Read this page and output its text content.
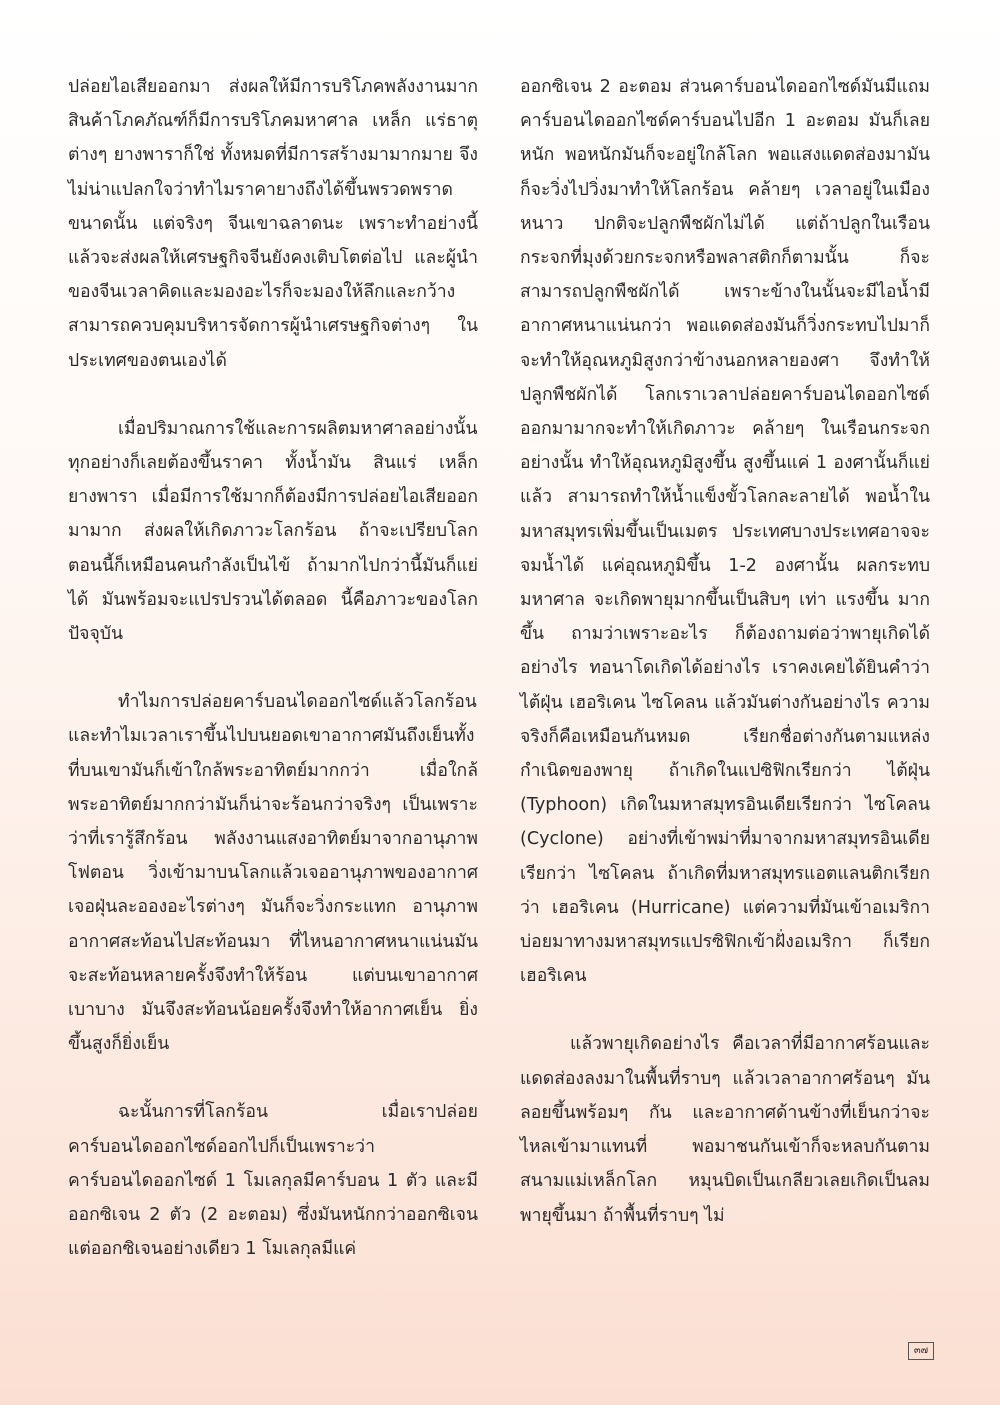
ปล่อยไอเสียออกมา ส่งผลให้มีการบริโภคพลังงานมาก สินค้าโภคภัณฑ์ก็มีการบริโภคมหาศาล เหล็ก แร่ธาตุต่างๆ ยางพาราก็ใช่ ทั้งหมดที่มีการสร้างมามากมาย จึงไม่น่าแปลกใจว่าทำไมราคายางถึงได้ขึ้นพรวดพราดขนาดนั้น แต่จริงๆ จีนเขาฉลาดนะ เพราะทำอย่างนี้แล้วจะส่งผลให้เศรษฐกิจจีนยังคงเติบโตต่อไป และผู้นำของจีนเวลาคิดและมองอะไรก็จะมองให้ลึกและกว้าง สามารถควบคุมบริหารจัดการผู้นำเศรษฐกิจต่างๆ ในประเทศของตนเองได้

เมื่อปริมาณการใช้และการผลิตมหาศาลอย่างนั้น ทุกอย่างก็เลยต้องขึ้นราคา ทั้งน้ำมัน สินแร่ เหล็ก ยางพารา เมื่อมีการใช้มากก็ต้องมีการปล่อยไอเสียออกมามาก ส่งผลให้เกิดภาวะโลกร้อน ถ้าจะเปรียบโลกตอนนี้ก็เหมือนคนกำลังเป็นไข้ ถ้ามากไปกว่านี้มันก็แย่ได้ มันพร้อมจะแปรปรวนได้ตลอด นี้คือภาวะของโลกปัจจุบัน

ทำไมการปล่อยคาร์บอนไดออกไซด์แล้วโลกร้อน และทำไมเวลาเราขึ้นไปบนยอดเขาอากาศมันถึงเย็นทั้งที่บนเขามันก็เข้าใกล้พระอาทิตย์มากกว่า เมื่อใกล้พระอาทิตย์มากกว่ามันก็น่าจะร้อนกว่าจริงๆ เป็นเพราะว่าที่เรารู้สึกร้อน พลังงานแสงอาทิตย์มาจากอานุภาพโฟตอน วิ่งเข้ามาบนโลกแล้วเจออานุภาพของอากาศ เจอฝุ่นละอองอะไรต่างๆ มันก็จะวิ่งกระแทก อานุภาพอากาศสะท้อนไปสะท้อนมา ที่ไหนอากาศหนาแน่นมันจะสะท้อนหลายครั้งจึงทำให้ร้อน แต่บนเขาอากาศเบาบาง มันจึงสะท้อนน้อยครั้งจึงทำให้อากาศเย็น ยิ่งขึ้นสูงก็ยิ่งเย็น

ฉะนั้นการที่โลกร้อน เมื่อเราปล่อยคาร์บอนไดออกไซด์ออกไปก็เป็นเพราะว่า คาร์บอนไดออกไซด์ 1 โมเลกุลมีคาร์บอน 1 ตัว และมีออกซิเจน 2 ตัว (2 อะตอม) ซึ่งมันหนักกว่าออกซิเจน แต่ออกซิเจนอย่างเดียว 1 โมเลกุลมีแค่

ออกซิเจน 2 อะตอม ส่วนคาร์บอนไดออกไซด์มันมีแถมคาร์บอนไดออกไซด์คาร์บอนไปอีก 1 อะตอม มันก็เลยหนัก พอหนักมันก็จะอยู่ใกล้โลก พอแสงแดดส่องมามันก็จะวิ่งไปวิ่งมาทำให้โลกร้อน คล้ายๆ เวลาอยู่ในเมืองหนาว ปกติจะปลูกพืชผักไม่ได้ แต่ถ้าปลูกในเรือนกระจกที่มุงด้วยกระจกหรือพลาสติกก็ตามนั้น ก็จะสามารถปลูกพืชผักได้ เพราะข้างในนั้นจะมีไอน้ำมีอากาศหนาแน่นกว่า พอแดดส่องมันก็วิ่งกระทบไปมาก็จะทำให้อุณหภูมิสูงกว่าข้างนอกหลายองศา จึงทำให้ปลูกพืชผักได้ โลกเราเวลาปล่อยคาร์บอนไดออกไซด์ออกมามากจะทำให้เกิดภาวะ คล้ายๆ ในเรือนกระจกอย่างนั้น ทำให้อุณหภูมิสูงขึ้น สูงขึ้นแค่ 1 องศานั้นก็แย่แล้ว สามารถทำให้น้ำแข็งขั้วโลกละลายได้ พอน้ำในมหาสมุทรเพิ่มขึ้นเป็นเมตร ประเทศบางประเทศอาจจะจมน้ำได้ แค่อุณหภูมิขึ้น 1-2 องศานั้น ผลกระทบมหาศาล จะเกิดพายุมากขึ้นเป็นสิบๆ เท่า แรงขึ้น มากขึ้น ถามว่าเพราะอะไร ก็ต้องถามต่อว่าพายุเกิดได้อย่างไร ทอนาโดเกิดได้อย่างไร เราคงเคยได้ยินคำว่า ไต้ฝุ่น เฮอริเคน ไซโคลน แล้วมันต่างกันอย่างไร ความจริงก็คือเหมือนกันหมด เรียกชื่อต่างกันตามแหล่งกำเนิดของพายุ ถ้าเกิดในแปซิฟิกเรียกว่า ไต้ฝุ่น (Typhoon) เกิดในมหาสมุทรอินเดียเรียกว่า ไซโคลน (Cyclone) อย่างที่เข้าพม่าที่มาจากมหาสมุทรอินเดียเรียกว่า ไซโคลน ถ้าเกิดที่มหาสมุทรแอตแลนติกเรียกว่า เฮอริเคน (Hurricane) แต่ความที่มันเข้าอเมริกาบ่อยมาทางมหาสมุทรแปรซิฟิกเข้าฝั่งอเมริกา ก็เรียกเฮอริเคน

แล้วพายุเกิดอย่างไร คือเวลาที่มีอากาศร้อนและแดดส่องลงมาในพื้นที่ราบๆ แล้วเวลาอากาศร้อนๆ มันลอยขึ้นพร้อมๆ กัน และอากาศด้านข้างที่เย็นกว่าจะไหลเข้ามาแทนที่ พอมาชนกันเข้าก็จะหลบกันตามสนามแม่เหล็กโลก หมุนบิดเป็นเกลียวเลยเกิดเป็นลมพายุขึ้นมา ถ้าพื้นที่ราบๆ ไม่

๓๗
